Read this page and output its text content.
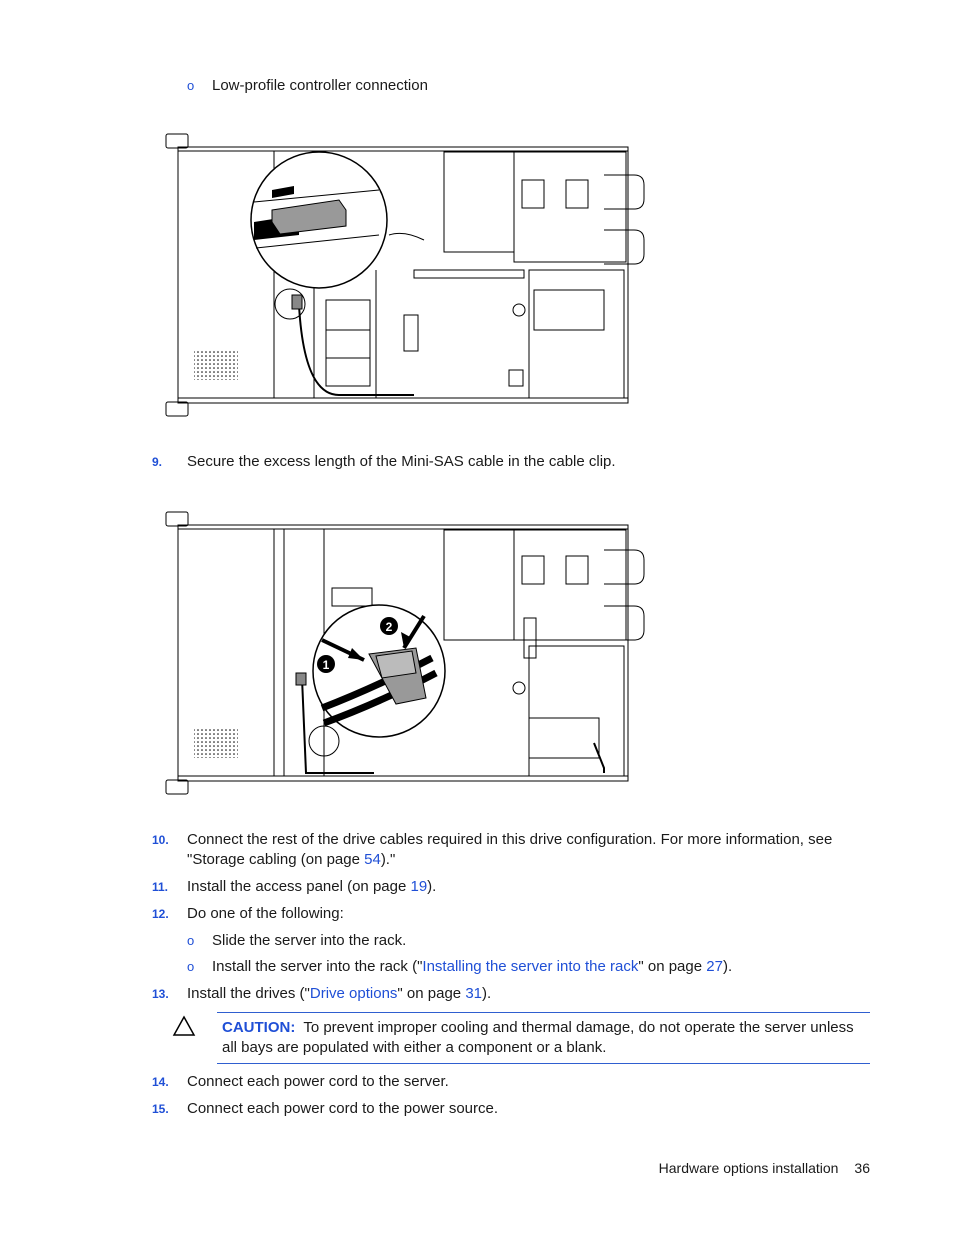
o Low-profile controller connection
9. Secure the excess length of the Mini-SAS cable in the cable clip.
1
2
10. Connect the rest of the drive cables required in this drive configuration. For more information, see
"Storage cabling (on page 54)."
11. Install the access panel (on page 19).
12. Do one of the following:
o Slide the server into the rack.
o Install the server into the rack ("Installing the server into the rack" on page 27).
13. Install the drives ("Drive options" on page 31).
CAUTION: To prevent improper cooling and thermal damage, do not operate the server unless all bays are populated with either a component or a blank.
14. Connect each power cord to the server.
15. Connect each power cord to the power source.
Hardware options installation 36
